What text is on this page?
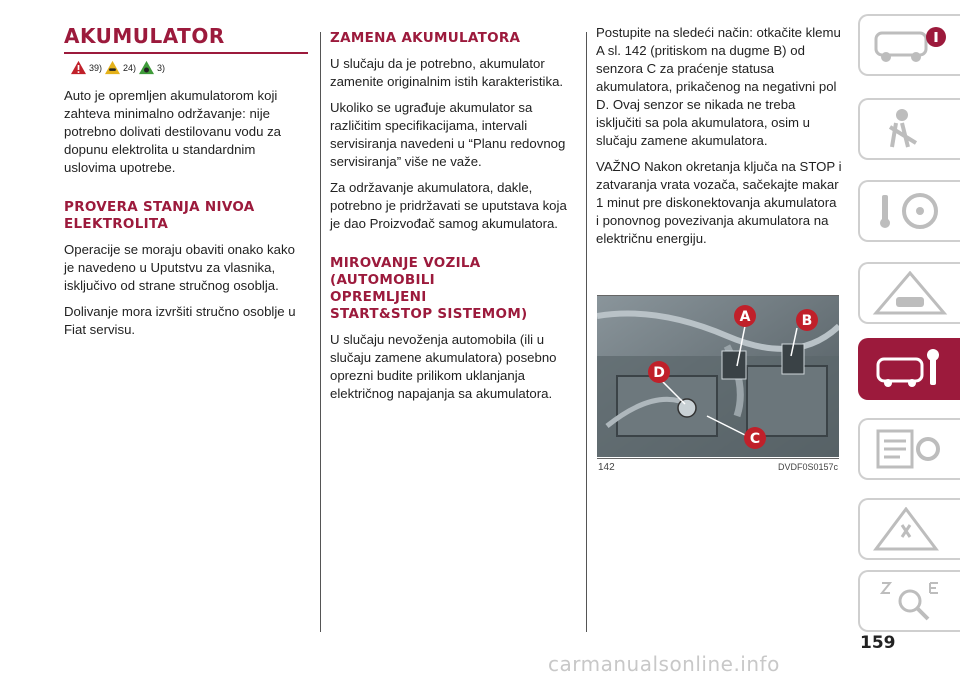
AKUMULATOR
39) 24) 3)

Auto je opremljen akumulatorom koji zahteva minimalno održavanje: nije potrebno dolivati destilovanu vodu za dopunu elektrolita u standardnim uslovima upotrebe.

PROVERA STANJA NIVOA ELEKTROLITA

Operacije se moraju obaviti onako kako je navedeno u Uputstvu za vlasnika, isključivo od strane stručnog osoblja.

Dolivanje mora izvršiti stručno osoblje u Fiat servisu.

ZAMENA AKUMULATORA

U slučaju da je potrebno, akumulator zamenite originalnim istih karakteristika.

Ukoliko se ugrađuje akumulator sa različitim specifikacijama, intervali servisiranja navedeni u “Planu redovnog servisiranja” više ne važe.

Za održavanje akumulatora, dakle, potrebno je pridržavati se uputstava koja je dao Proizvođač samog akumulatora.

MIROVANJE VOZILA (AUTOMOBILI OPREMLJENI START&STOP SISTEMOM)

U slučaju nevoženja automobila (ili u slučaju zamene akumulatora) posebno oprezni budite prilikom uklanjanja električnog napajanja sa akumulatora.

Postupite na sledeći način: otkačite klemu A sl. 142 (pritiskom na dugme B) od senzora C za praćenje statusa akumulatora, prikačenog na negativni pol D. Ovaj senzor se nikada ne treba isključiti sa pola akumulatora, osim u slučaju zamene akumulatora.

VAŽNO Nakon okretanja ključa na STOP i zatvaranja vrata vozača, sačekajte makar 1 minut pre diskonektovanja akumulatora i ponovnog povezivanja akumulatora na električnu energiju.

A	B
C
D
142	DVDF0S0157c
159
carmanualsonline.info
